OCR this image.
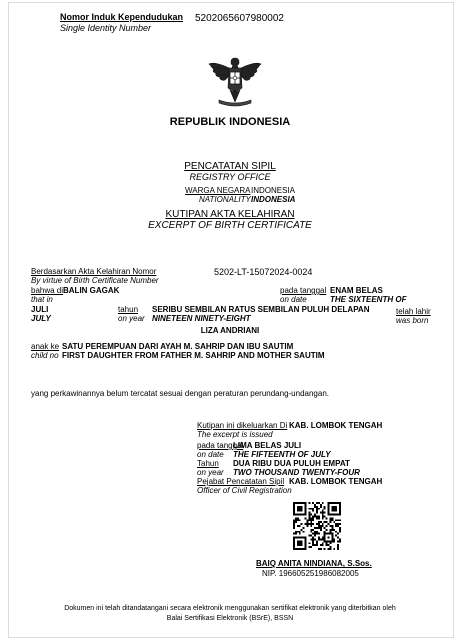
Nomor Induk Kependudukan
Single Identity Number
5202065607980002
REPUBLIK INDONESIA
PENCATATAN SIPIL
REGISTRY OFFICE
WARGA NEGARA INDONESIA
NATIONALITY INDONESIA
KUTIPAN AKTA KELAHIRAN
EXCERPT OF BIRTH CERTIFICATE
Berdasarkan Akta Kelahiran Nomor
By virtue of Birth Certificate Number
5202-LT-15072024-0024
bahwa di BALIN GAGAK
that in
pada tanggal
on date
ENAM BELAS
THE SIXTEENTH OF
JULI
JULY
tahun
on year
SERIBU SEMBILAN RATUS SEMBILAN PULUH DELAPAN
NINETEEN NINETY-EIGHT
telah lahir
was born
LIZA ANDRIANI
anak ke
child no
SATU PEREMPUAN DARI AYAH M. SAHRIP DAN IBU SAUTIM
FIRST DAUGHTER FROM FATHER M. SAHRIP AND MOTHER SAUTIM
yang perkawinannya belum tercatat sesuai dengan peraturan perundang-undangan.
Kutipan ini dikeluarkan Di
The excerpt is issued
KAB. LOMBOK TENGAH
pada tanggal
on date
LIMA BELAS JULI
THE FIFTEENTH OF JULY
Tahun
on year
DUA RIBU DUA PULUH EMPAT
TWO THOUSAND TWENTY-FOUR
Pejabat Pencatatan Sipil
Officer of Civil Registration
KAB. LOMBOK TENGAH
BAIQ ANITA NINDIANA, S.Sos.
NIP. 196605251986082005
Dokumen ini telah ditandatangani secara elektronik menggunakan sertifikat elektronik yang diterbitkan oleh
Balai Sertifikasi Elektronik (BSrE), BSSN
